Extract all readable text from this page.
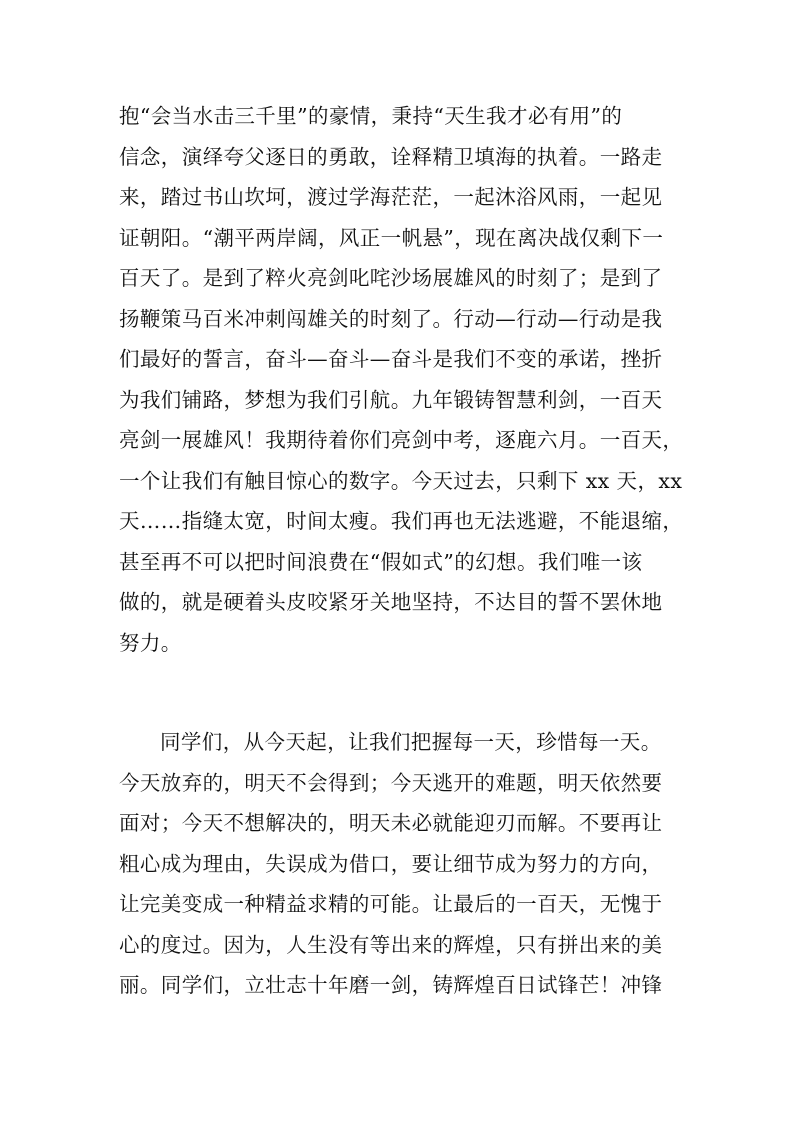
抱“会当水击三千里”的豪情，秉持“天生我才必有用”的
信念，演绎夸父逐日的勇敢，诠释精卫填海的执着。一路走
来，踏过书山坎坷，渡过学海茫茫，一起沐浴风雨，一起见
证朝阳。“潮平两岸阔，风正一帆悬”，现在离决战仅剩下一
百天了。是到了粹火亮剑叱咤沙场展雄风的时刻了；是到了
扬鞭策马百米冲刺闯雄关的时刻了。行动—行动—行动是我
们最好的誓言，奋斗—奋斗—奋斗是我们不变的承诺，挫折
为我们铺路，梦想为我们引航。九年锻铸智慧利剑，一百天
亮剑一展雄风！我期待着你们亮剑中考，逐鹿六月。一百天，
一个让我们有触目惊心的数字。今天过去，只剩下 xx 天，xx
天……指缝太宽，时间太瘦。我们再也无法逃避，不能退缩，
甚至再不可以把时间浪费在“假如式”的幻想。我们唯一该
做的，就是硬着头皮咬紧牙关地坚持，不达目的誓不罢休地
努力。
同学们，从今天起，让我们把握每一天，珍惜每一天。
今天放弃的，明天不会得到；今天逃开的难题，明天依然要
面对；今天不想解决的，明天未必就能迎刃而解。不要再让
粗心成为理由，失误成为借口，要让细节成为努力的方向，
让完美变成一种精益求精的可能。让最后的一百天，无愧于
心的度过。因为，人生没有等出来的辉煌，只有拼出来的美
丽。同学们，立壮志十年磨一剑，铸辉煌百日试锋芒！冲锋
